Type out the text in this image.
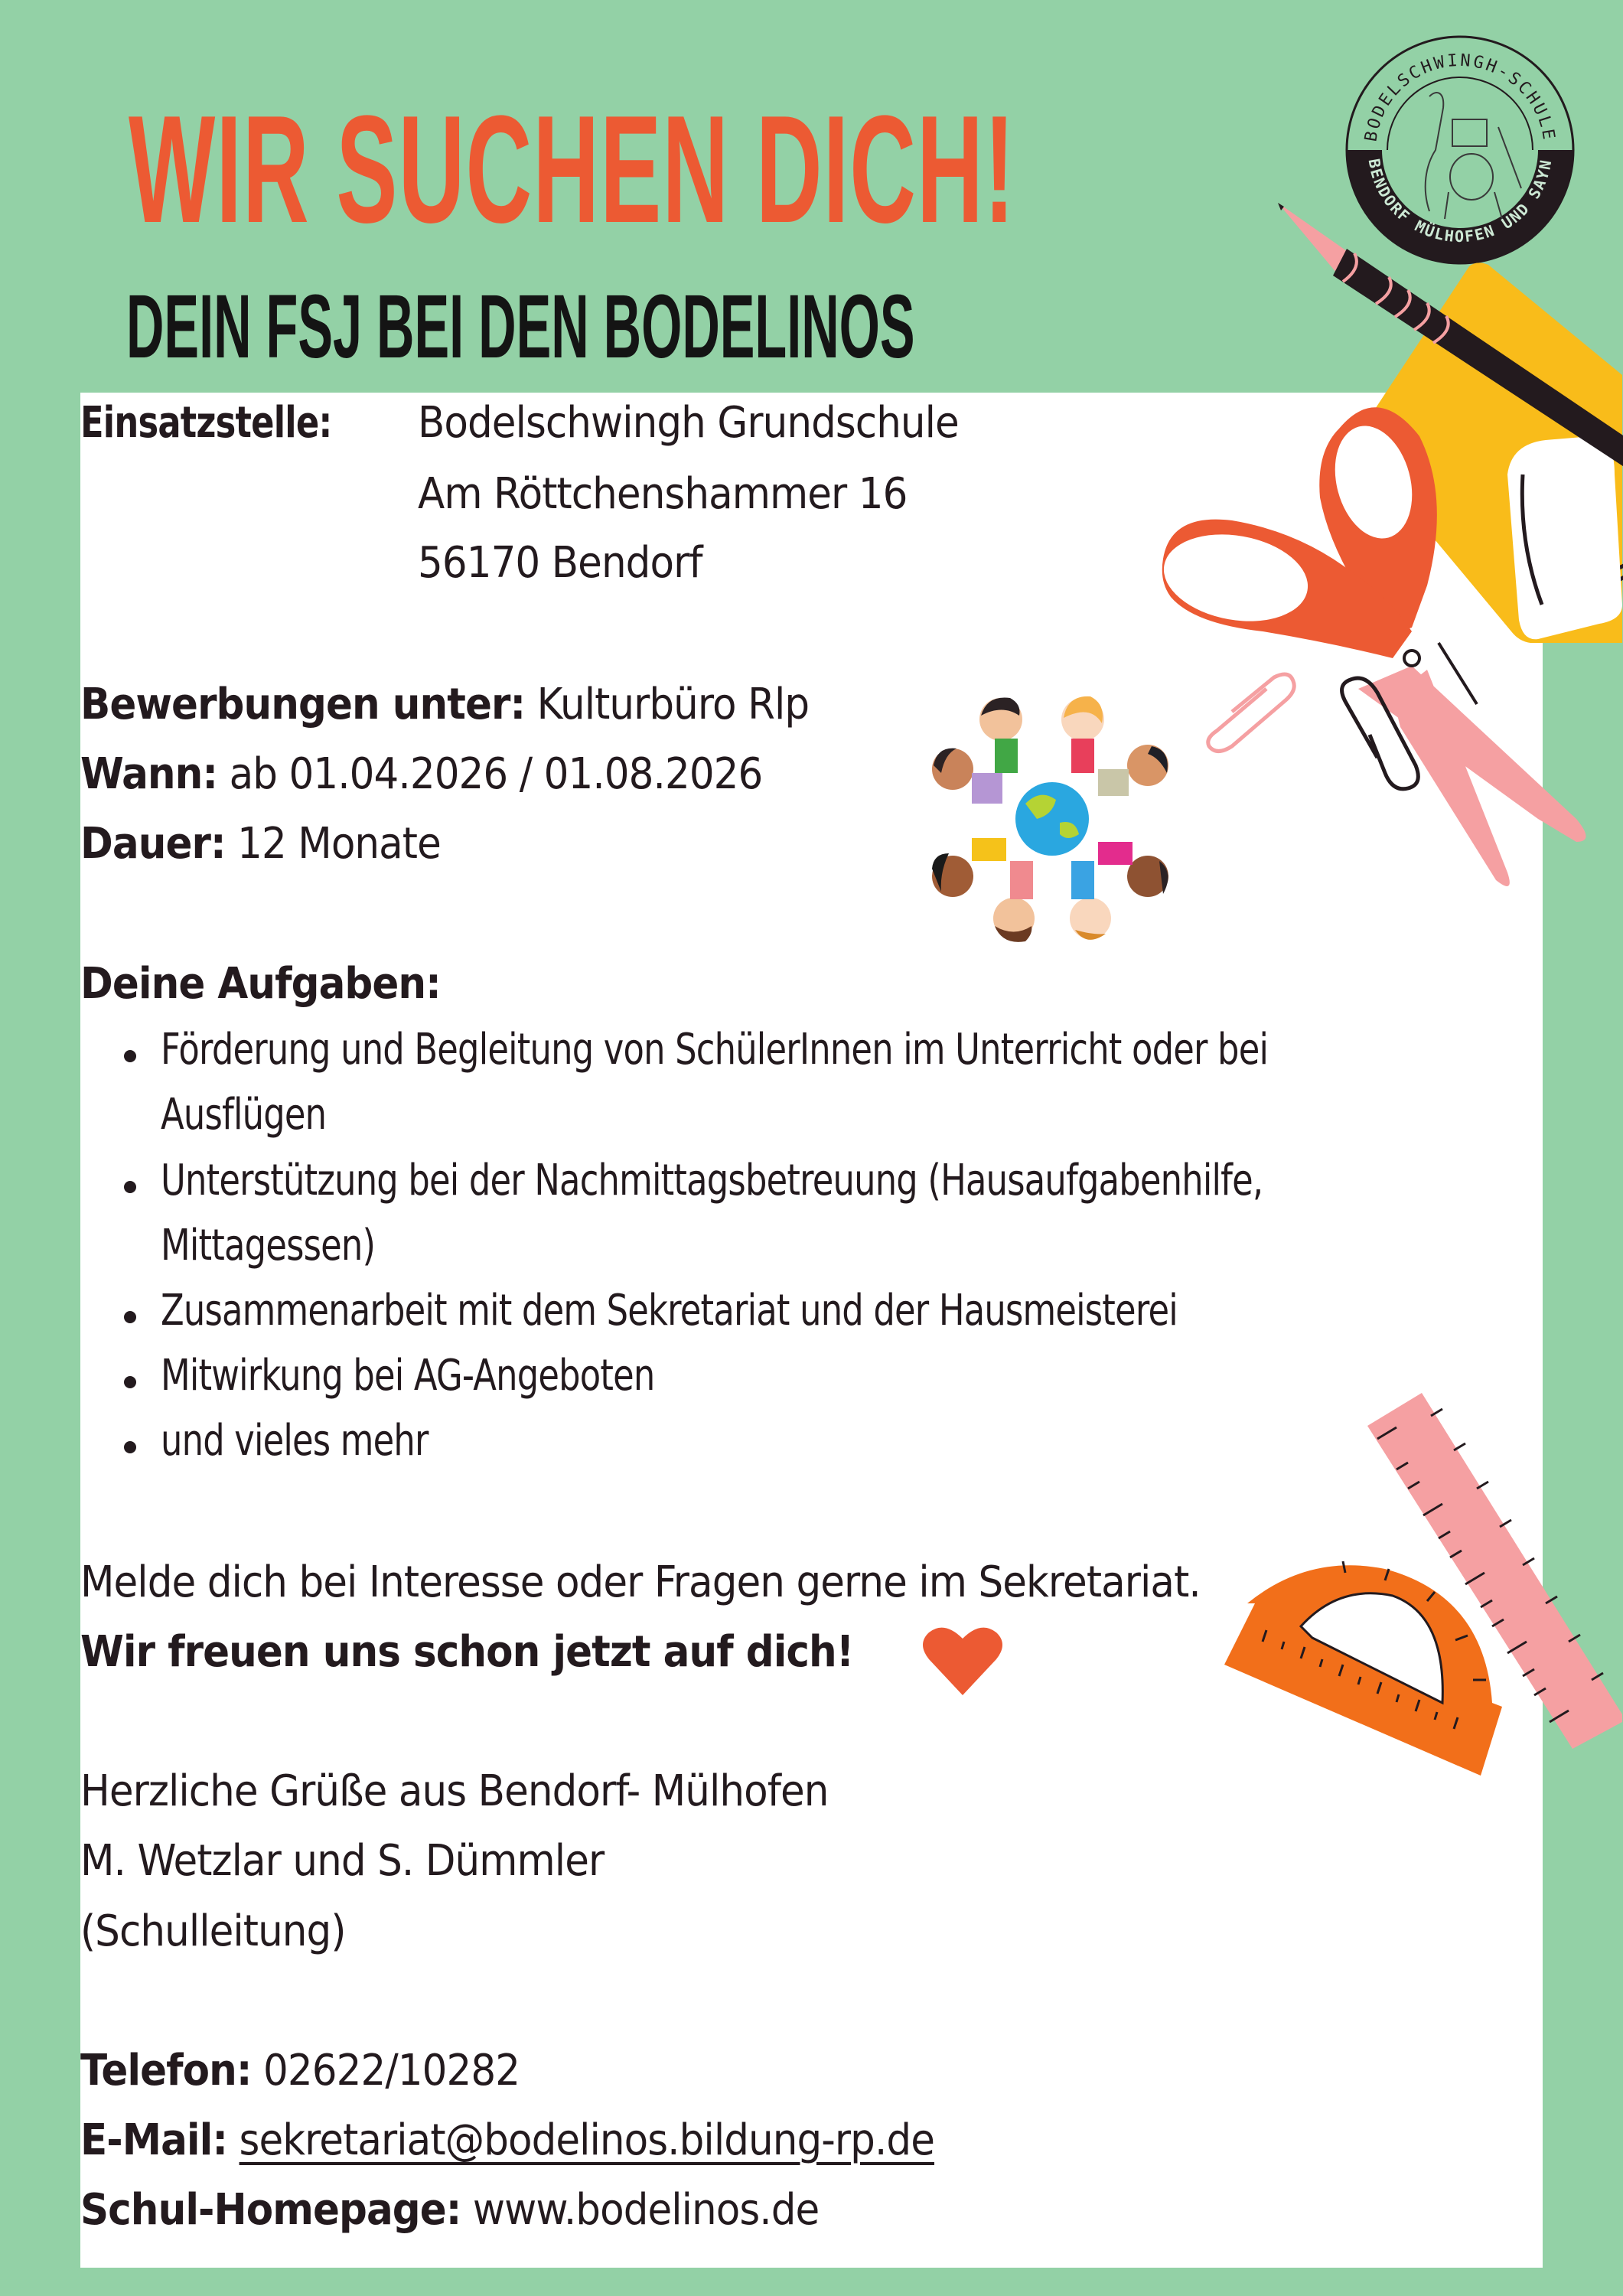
WIR SUCHEN DICH!
DEIN FSJ BEI DEN BODELINOS
BODELSCHWINGH-SCHULE
BENDORF MÜLHOFEN UND SAYN
Einsatzstelle: Bodelschwingh Grundschule
Am Röttchenshammer 16
56170 Bendorf
Bewerbungen unter: Kulturbüro Rlp
Wann: ab 01.04.2026 / 01.08.2026
Dauer: 12 Monate
Deine Aufgaben:
Förderung und Begleitung von SchülerInnen im Unterricht oder bei
Ausflügen
Unterstützung bei der Nachmittagsbetreuung (Hausaufgabenhilfe,
Mittagessen)
Zusammenarbeit mit dem Sekretariat und der Hausmeisterei
Mitwirkung bei AG-Angeboten
und vieles mehr
Melde dich bei Interesse oder Fragen gerne im Sekretariat.
Wir freuen uns schon jetzt auf dich!
Herzliche Grüße aus Bendorf- Mülhofen
M. Wetzlar und S. Dümmler
(Schulleitung)
Telefon: 02622/10282
E-Mail: sekretariat@bodelinos.bildung-rp.de
Schul-Homepage: www.bodelinos.de
